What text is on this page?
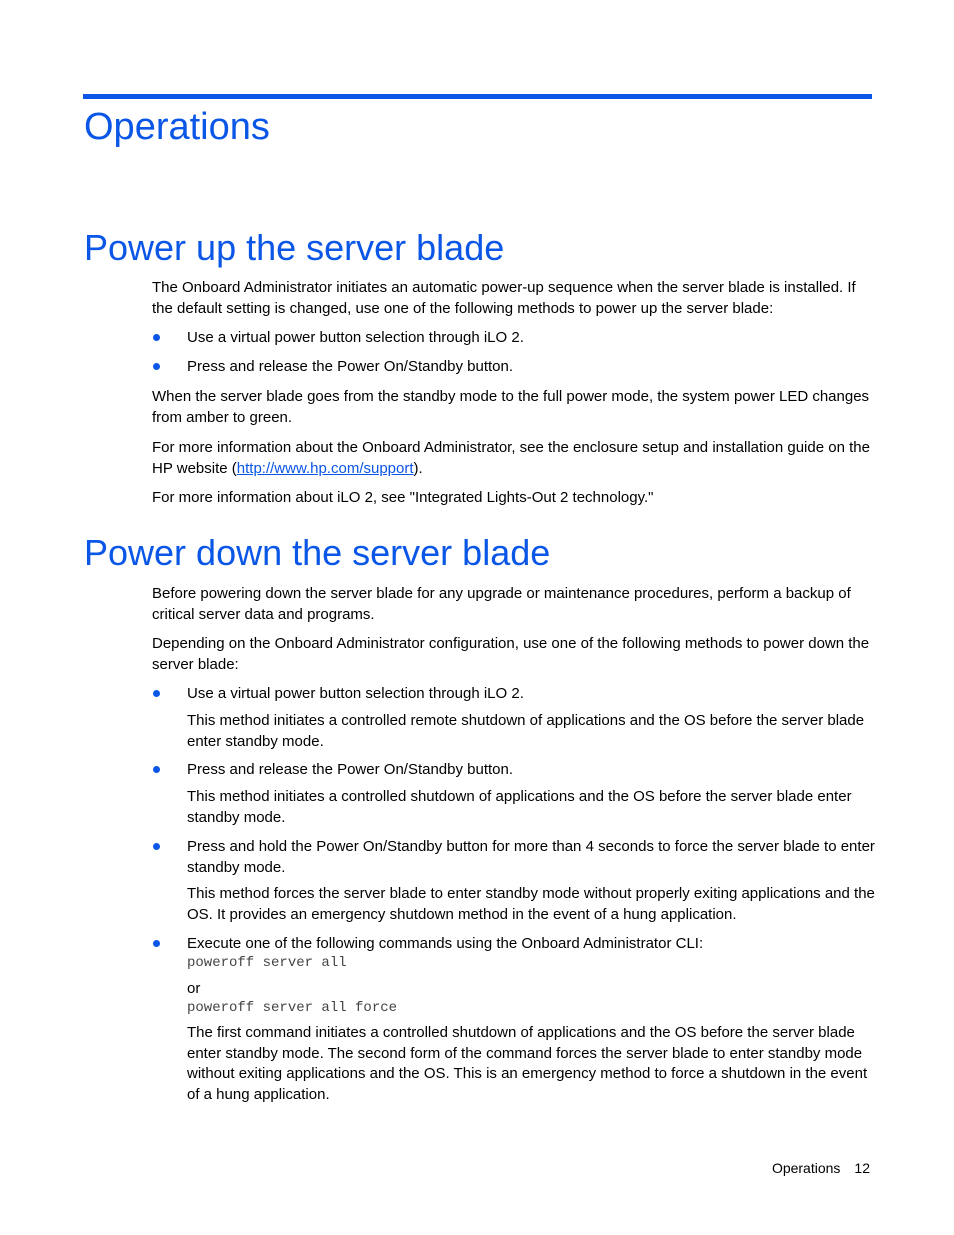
Operations
Power up the server blade

The Onboard Administrator initiates an automatic power-up sequence when the server blade is installed. If the default setting is changed, use one of the following methods to power up the server blade:

Use a virtual power button selection through iLO 2.

Press and release the Power On/Standby button.

When the server blade goes from the standby mode to the full power mode, the system power LED changes from amber to green.

For more information about the Onboard Administrator, see the enclosure setup and installation guide on the HP website (http://www.hp.com/support).

For more information about iLO 2, see "Integrated Lights-Out 2 technology."

Power down the server blade

Before powering down the server blade for any upgrade or maintenance procedures, perform a backup of critical server data and programs.

Depending on the Onboard Administrator configuration, use one of the following methods to power down the server blade:

Use a virtual power button selection through iLO 2.

This method initiates a controlled remote shutdown of applications and the OS before the server blade enter standby mode.

Press and release the Power On/Standby button.

This method initiates a controlled shutdown of applications and the OS before the server blade enter standby mode.

Press and hold the Power On/Standby button for more than 4 seconds to force the server blade to enter standby mode.

This method forces the server blade to enter standby mode without properly exiting applications and the OS. It provides an emergency shutdown method in the event of a hung application.

Execute one of the following commands using the Onboard Administrator CLI:

poweroff server all

or

poweroff server all force

The first command initiates a controlled shutdown of applications and the OS before the server blade enter standby mode. The second form of the command forces the server blade to enter standby mode without exiting applications and the OS. This is an emergency method to force a shutdown in the event of a hung application.

Operations 12
